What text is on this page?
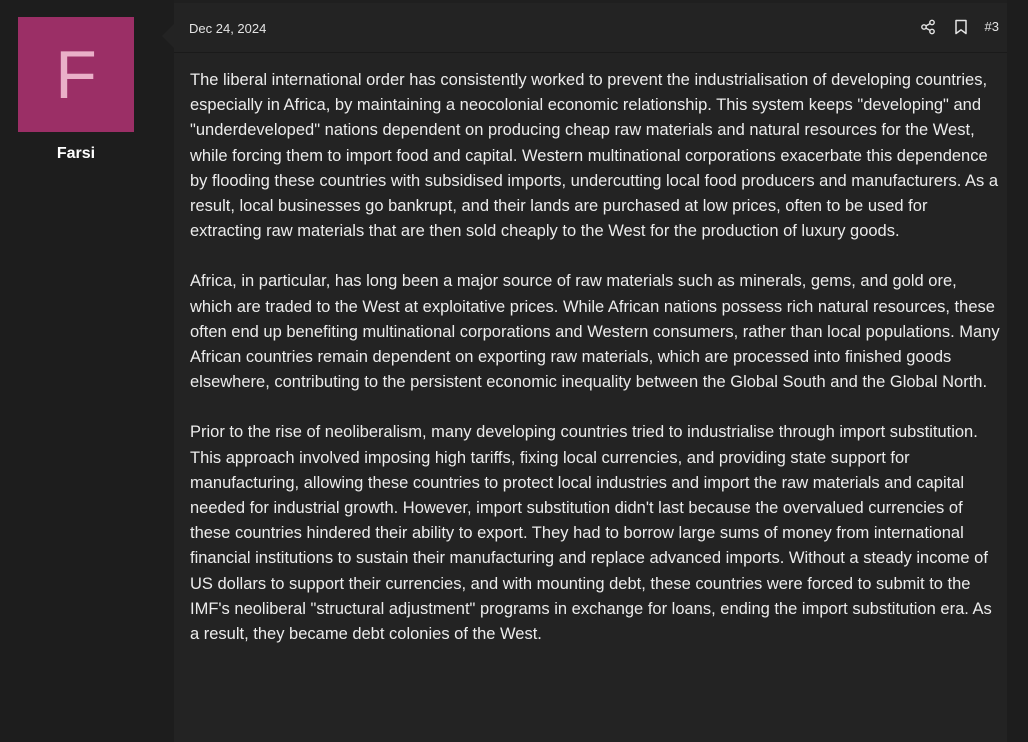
F
Farsi
Dec 24, 2024	#3

The liberal international order has consistently worked to prevent the industrialisation of developing countries, especially in Africa, by maintaining a neocolonial economic relationship. This system keeps "developing" and "underdeveloped" nations dependent on producing cheap raw materials and natural resources for the West, while forcing them to import food and capital. Western multinational corporations exacerbate this dependence by flooding these countries with subsidised imports, undercutting local food producers and manufacturers. As a result, local businesses go bankrupt, and their lands are purchased at low prices, often to be used for extracting raw materials that are then sold cheaply to the West for the production of luxury goods.

Africa, in particular, has long been a major source of raw materials such as minerals, gems, and gold ore, which are traded to the West at exploitative prices. While African nations possess rich natural resources, these often end up benefiting multinational corporations and Western consumers, rather than local populations. Many African countries remain dependent on exporting raw materials, which are processed into finished goods elsewhere, contributing to the persistent economic inequality between the Global South and the Global North.

Prior to the rise of neoliberalism, many developing countries tried to industrialise through import substitution. This approach involved imposing high tariffs, fixing local currencies, and providing state support for manufacturing, allowing these countries to protect local industries and import the raw materials and capital needed for industrial growth. However, import substitution didn't last because the overvalued currencies of these countries hindered their ability to export. They had to borrow large sums of money from international financial institutions to sustain their manufacturing and replace advanced imports. Without a steady income of US dollars to support their currencies, and with mounting debt, these countries were forced to submit to the IMF's neoliberal "structural adjustment" programs in exchange for loans, ending the import substitution era. As a result, they became debt colonies of the West.
